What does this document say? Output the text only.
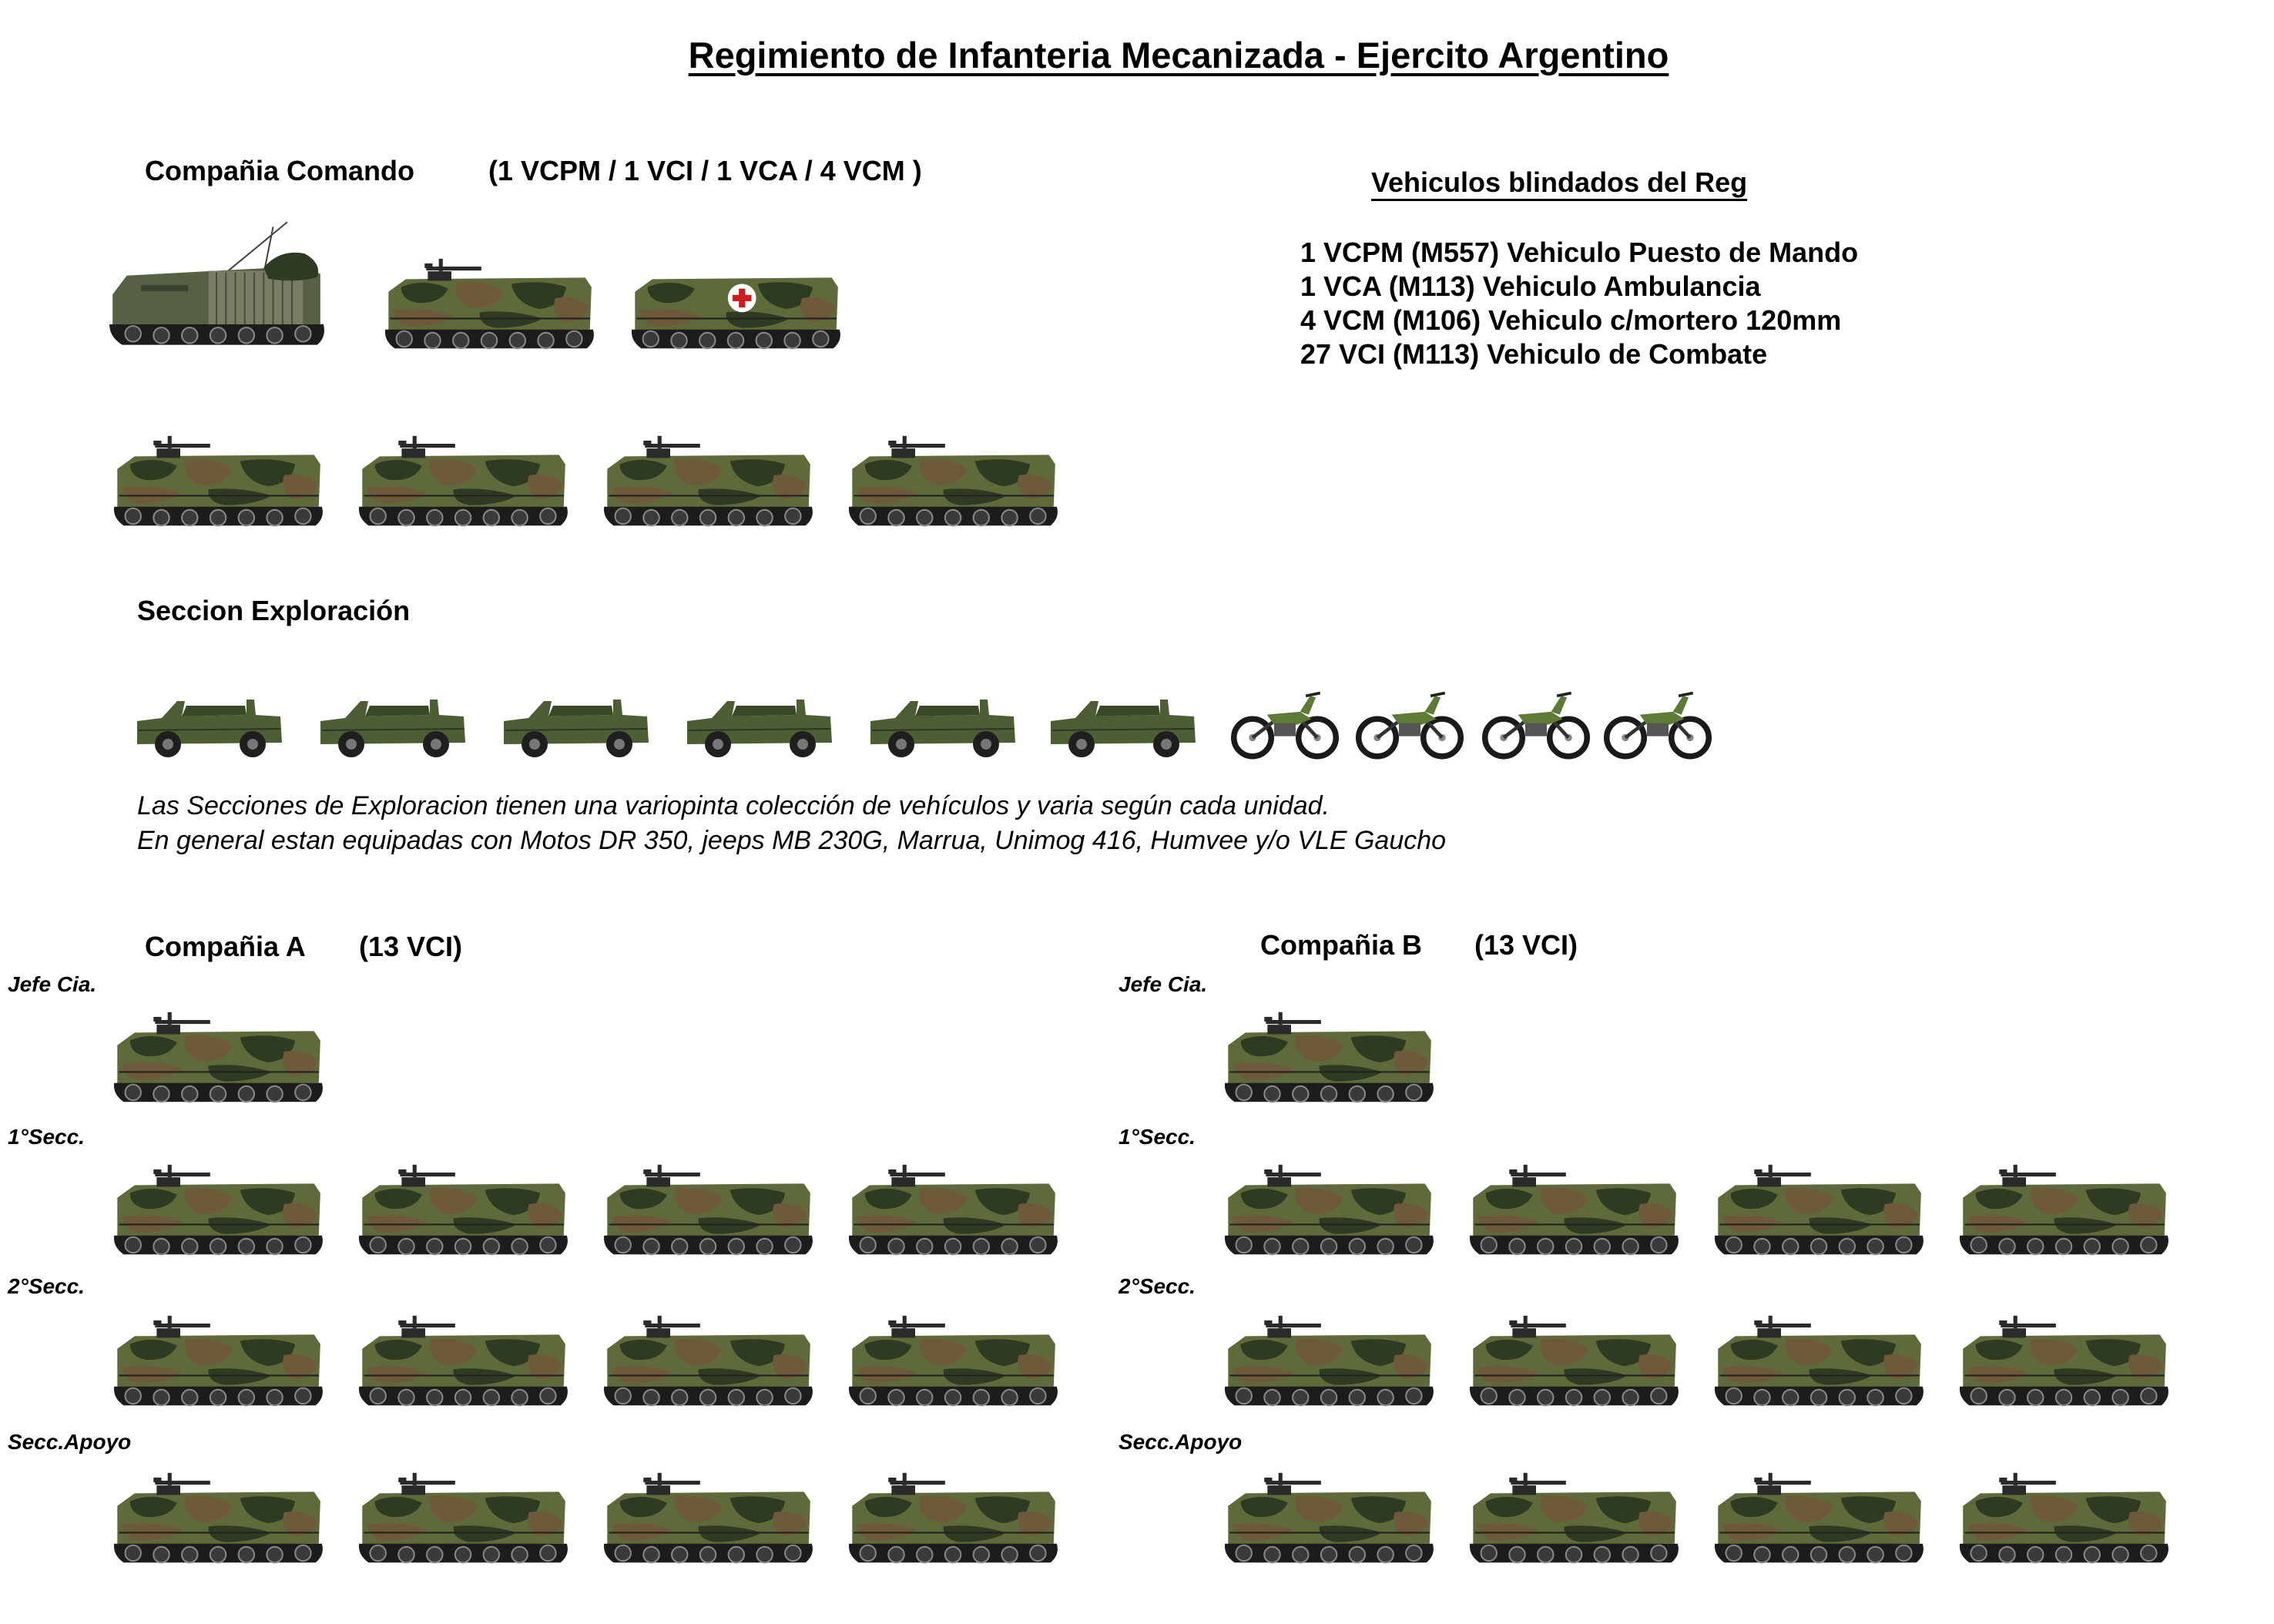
Regimiento de Infanteria Mecanizada - Ejercito Argentino
Compañia Comando	(1 VCPM / 1 VCI / 1 VCA / 4 VCM )	Vehiculos blindados del Reg
1 VCPM (M557) Vehiculo Puesto de Mando
1 VCA (M113) Vehiculo Ambulancia
4 VCM (M106) Vehiculo c/mortero 120mm
27 VCI (M113) Vehiculo de Combate
Seccion Exploración
Las Secciones de Exploracion tienen una variopinta colección de vehículos y varia según cada unidad.
En general estan equipadas con Motos DR 350, jeeps MB 230G, Marrua, Unimog 416, Humvee y/o VLE Gaucho
Compañia A (13 VCI)
Jefe Cia.
1°Secc.
2°Secc.
Secc.Apoyo
Compañia B (13 VCI)
Jefe Cia.
1°Secc.
2°Secc.
Secc.Apoyo
